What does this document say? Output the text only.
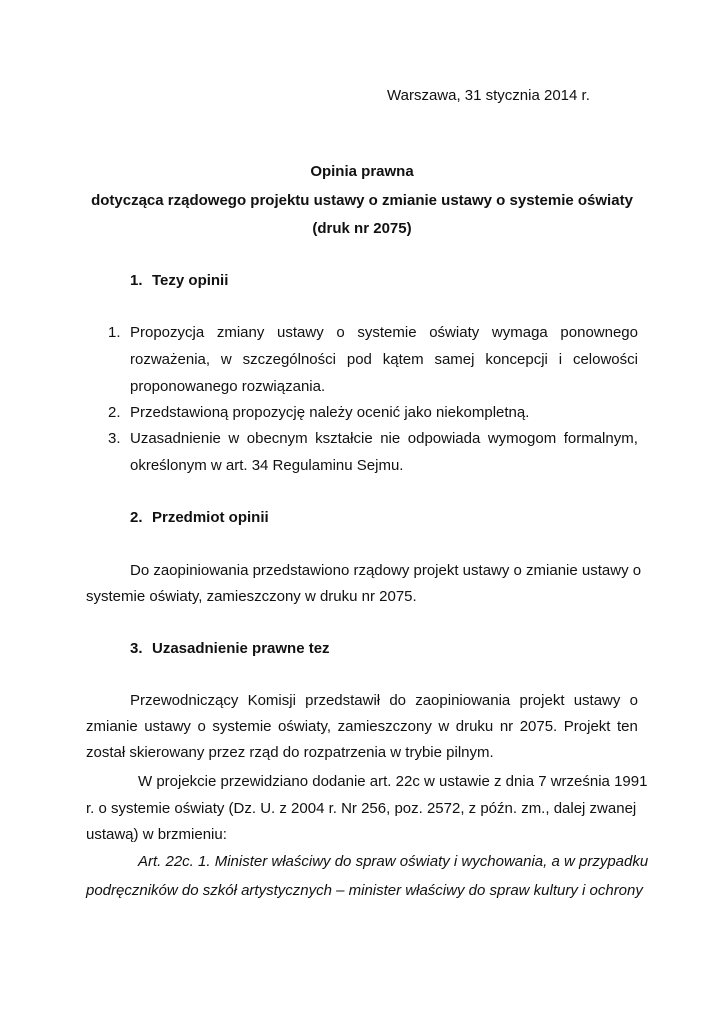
Warszawa, 31 stycznia 2014 r.
Opinia prawna
dotycząca rządowego projektu ustawy o zmianie ustawy o systemie oświaty
(druk nr 2075)
1. Tezy opinii
1. Propozycja zmiany ustawy o systemie oświaty wymaga ponownego
rozważenia, w szczególności pod kątem samej koncepcji i celowości
proponowanego rozwiązania.
2. Przedstawioną propozycję należy ocenić jako niekompletną.
3. Uzasadnienie w obecnym kształcie nie odpowiada wymogom formalnym,
określonym w art. 34 Regulaminu Sejmu.
2. Przedmiot opinii
Do zaopiniowania przedstawiono rządowy projekt ustawy o zmianie ustawy o
systemie oświaty, zamieszczony w druku nr 2075.
3. Uzasadnienie prawne tez
Przewodniczący Komisji przedstawił do zaopiniowania projekt ustawy o
zmianie ustawy o systemie oświaty, zamieszczony w druku nr 2075. Projekt ten
został skierowany przez rząd do rozpatrzenia w trybie pilnym.
W projekcie przewidziano dodanie art. 22c w ustawie z dnia 7 września 1991
r. o systemie oświaty (Dz. U. z 2004 r. Nr 256, poz. 2572, z późn. zm., dalej zwanej
ustawą) w brzmieniu:
Art. 22c. 1. Minister właściwy do spraw oświaty i wychowania, a w przypadku
podręczników do szkół artystycznych – minister właściwy do spraw kultury i ochrony
